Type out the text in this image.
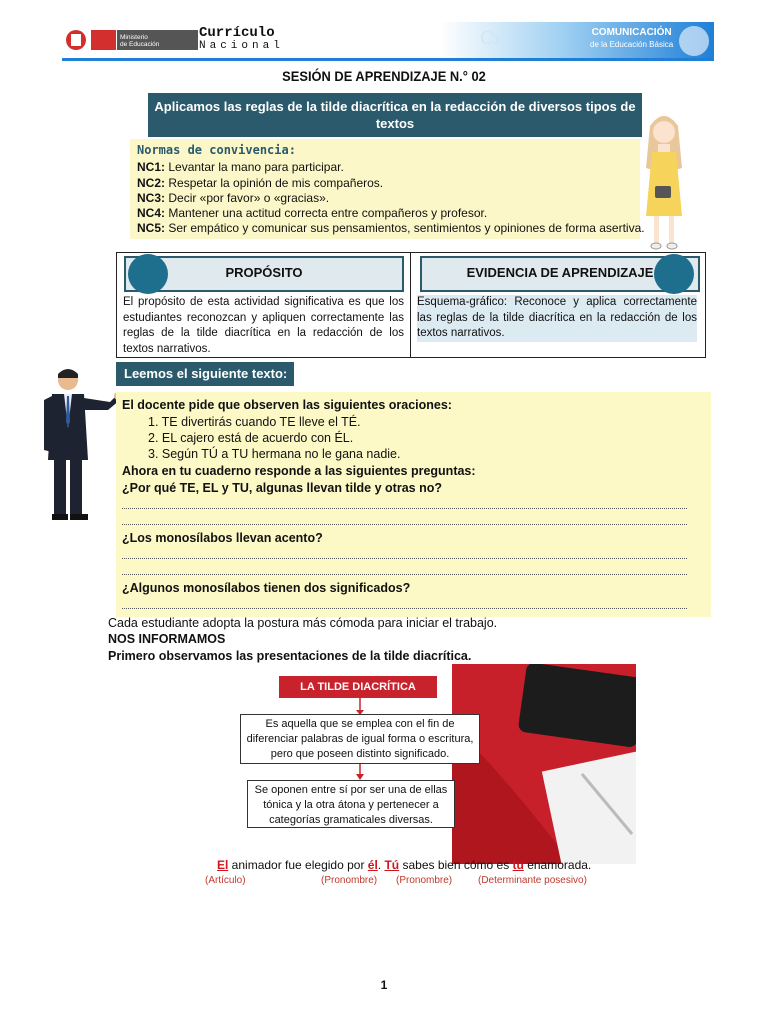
PERÚ
Ministerio
de Educación
Currículo
Nacional	Cn	COMUNICACIÓN
de la Educación Básica
SESIÓN DE APRENDIZAJE N.° 02
Aplicamos las reglas de la tilde diacrítica en la redacción de diversos tipos de textos
Normas de convivencia:
NC1: Levantar la mano para participar.
NC2: Respetar la opinión de mis compañeros.
NC3: Decir «por favor» o «gracias».
NC4: Mantener una actitud correcta entre compañeros y profesor.
NC5: Ser empático y comunicar sus pensamientos, sentimientos y opiniones de forma asertiva.
PROPÓSITO	EVIDENCIA DE APRENDIZAJE
El propósito de esta actividad significativa es que los estudiantes reconozcan y apliquen correctamente las reglas de la tilde diacrítica en la redacción de los textos narrativos.
Esquema-gráfico: Reconoce y aplica correctamente las reglas de la tilde diacrítica en la redacción de los textos narrativos.
Leemos el siguiente texto:
El docente pide que observen las siguientes oraciones:
1. TE divertirás cuando TE lleve el TÉ.
2. EL cajero está de acuerdo con ÉL.
3. Según TÚ a TU hermana no le gana nadie.
Ahora en tu cuaderno responde a las siguientes preguntas:
¿Por qué TE, EL y TU, algunas llevan tilde y otras no?
¿Los monosílabos llevan acento?
¿Algunos monosílabos tienen dos significados?
Cada estudiante adopta la postura más cómoda para iniciar el trabajo.
NOS INFORMAMOS
Primero observamos las presentaciones de la tilde diacrítica.
LA TILDE DIACRÍTICA
Es aquella que se emplea con el fin de diferenciar palabras de igual forma o escritura, pero que poseen distinto significado.
Se oponen entre sí por ser una de ellas tónica y la otra átona y pertenecer a categorías gramaticales diversas.
El animador fue elegido por él. Tú sabes bien cómo es tu enamorada.
(Artículo)	(Pronombre) (Pronombre)	(Determinante posesivo)
1
